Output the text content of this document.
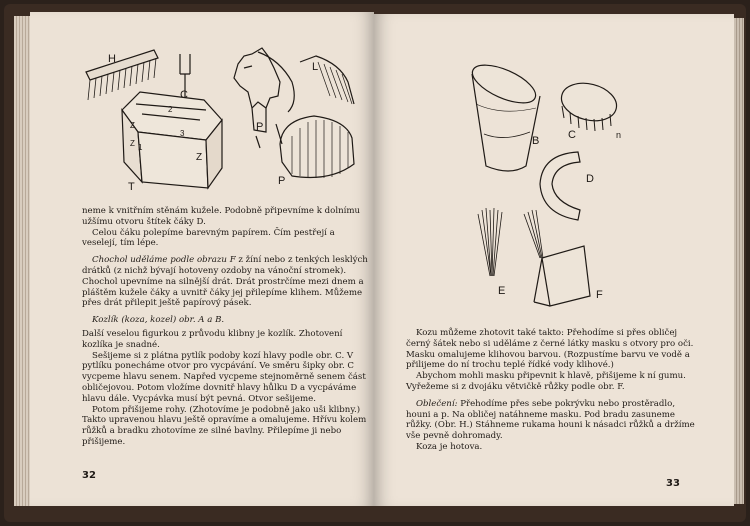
H
C
L
P
T	P
Z
Z
Z
2
3
1

neme k vnitřním stěnám kuželе. Podobně připevníme k dolnímu užšímu otvoru štítek čáky D.

Celou čáku polepíme barevným papírem. Čím pestřejí a veselejí, tím lépe.

Chochol uděláme podle obrazu F z žíní nebo z tenkých lesklých drátků (z nichž bývají hotoveny ozdoby na vánoční stromek). Chochol upevníme na silnější drát. Drát prostrčíme mezi dnem a pláštěm kužele čáky a uvnitř čáky jej přilepíme klihem. Můžeme přes drát přilepit ještě papírový pásek.

Kozlík (koza, kozel) obr. A a B.

Další veselou figurkou z průvodu klibny je kozlík. Zhotovení kozlíka je snadné.

Sešijeme si z plátna pytlík podoby kozí hlavy podle obr. C. V pytlíku ponecháme otvor pro vycpávání. Ve směru šipky obr. C vycpeme hlavu senem. Napřed vycpeme stejnoměrně senem část obličejovou. Potom vložíme dovnitř hlavy hůlku D a vycpáváme hlavu dále. Vycpávka musí být pevná. Otvor sešijeme.

Potom přišijeme rohy. (Zhotovíme je podobně jako uši klibny.) Takto upravenou hlavu ještě opravíme a omalujeme. Hřívu kolem růžků a bradku zhotovíme ze silné bavlny. Přilepíme ji nebo přišijeme.

32
B	C	n
D
E	F

Kozu můžeme zhotovit také takto: Přehodíme si přes obličej černý šátek nebo si uděláme z černé látky masku s otvory pro oči. Masku omalujeme klihovou barvou. (Rozpustíme barvu ve vodě a přilijeme do ní trochu teplé řídké vody klihové.)

Abychom mohli masku připevnit k hlavě, přišijeme k ní gumu. Vyřežeme si z dvojáku větvičkě růžky podle obr. F.

Oblečení: Přehodíme přes sebe pokrývku nebo prostěradlo, houni a p. Na obličej natáhneme masku. Pod bradu zasuneme růžky. (Obr. H.) Stáhneme rukama houni k násadci růžků a držíme vše pevně dohromady.

Koza je hotova.

33
